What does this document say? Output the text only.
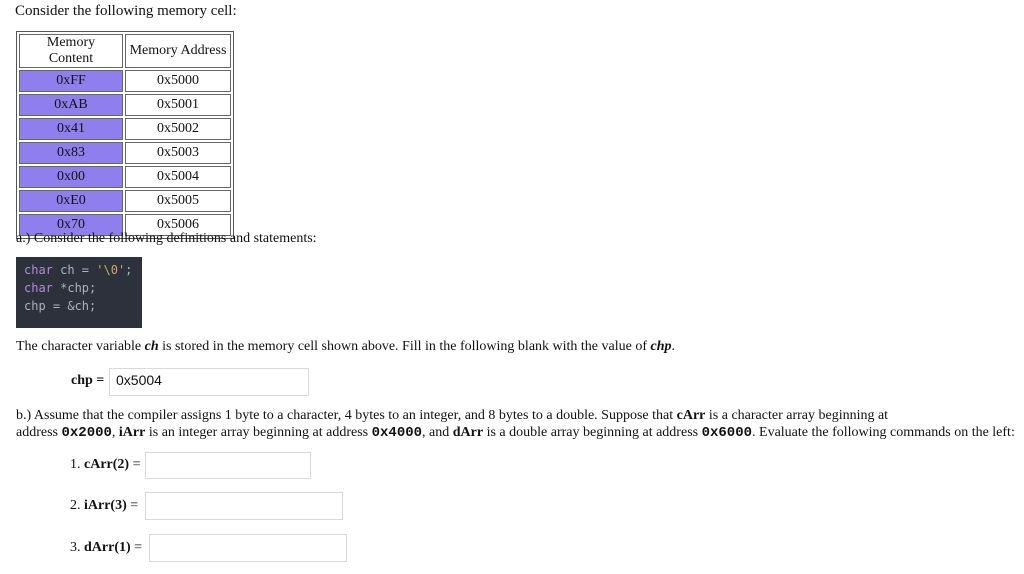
Consider the following memory cell:
Memory Content	Memory Address
0xFF	0x5000
0xAB	0x5001
0x41	0x5002
0x83	0x5003
0x00	0x5004
0xE0	0x5005
0x70	0x5006
a.) Consider the following definitions and statements:
char ch = '\0';
char *chp;
chp = &ch;
The character variable ch is stored in the memory cell shown above. Fill in the following blank with the value of chp.
chp = 0x5004
b.) Assume that the compiler assigns 1 byte to a character, 4 bytes to an integer, and 8 bytes to a double. Suppose that cArr is a character array beginning at
address 0x2000, iArr is an integer array beginning at address 0x4000, and dArr is a double array beginning at address 0x6000. Evaluate the following commands on the left:
1. cArr(2) =
2. iArr(3) =
3. dArr(1) =
